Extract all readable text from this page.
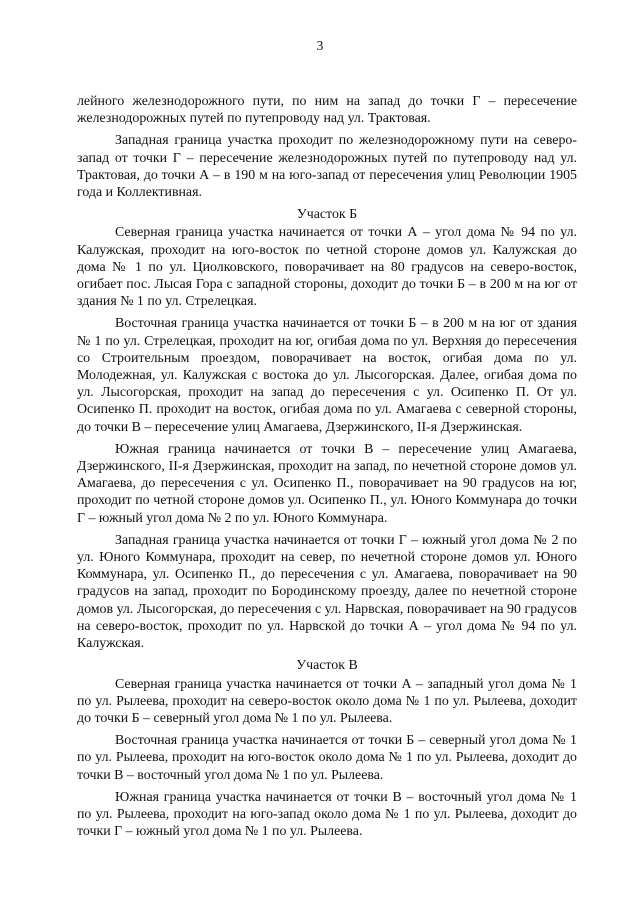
3

лейного железнодорожного пути, по ним на запад до точки Г – пересечение железнодорожных путей по путепроводу над ул. Трактовая.

Западная граница участка проходит по железнодорожному пути на северо-запад от точки Г – пересечение железнодорожных путей по путепроводу над ул. Трактовая, до точки А – в 190 м на юго-запад от пересечения улиц Революции 1905 года и Коллективная.

Участок Б

Северная граница участка начинается от точки А – угол дома № 94 по ул. Калужская, проходит на юго-восток по четной стороне домов ул. Калужская до дома № 1 по ул. Циолковского, поворачивает на 80 градусов на северо-восток, огибает пос. Лысая Гора с западной стороны, доходит до точки Б – в 200 м на юг от здания № 1 по ул. Стрелецкая.

Восточная граница участка начинается от точки Б – в 200 м на юг от здания № 1 по ул. Стрелецкая, проходит на юг, огибая дома по ул. Верхняя до пересечения со Строительным проездом, поворачивает на восток, огибая дома по ул. Молодежная, ул. Калужская с востока до ул. Лысогорская. Далее, огибая дома по ул. Лысогорская, проходит на запад до пересечения с ул. Осипенко П. От ул. Осипенко П. проходит на восток, огибая дома по ул. Амагаева с северной стороны, до точки В – пересечение улиц Амагаева, Дзержинского, II-я Дзержинская.

Южная граница начинается от точки В – пересечение улиц Амагаева, Дзержинского, II-я Дзержинская, проходит на запад, по нечетной стороне домов ул. Амагаева, до пересечения с ул. Осипенко П., поворачивает на 90 градусов на юг, проходит по четной стороне домов ул. Осипенко П., ул. Юного Коммунара до точки Г – южный угол дома № 2 по ул. Юного Коммунара.

Западная граница участка начинается от точки Г – южный угол дома № 2 по ул. Юного Коммунара, проходит на север, по нечетной стороне домов ул. Юного Коммунара, ул. Осипенко П., до пересечения с ул. Амагаева, поворачивает на 90 градусов на запад, проходит по Бородинскому проезду, далее по нечетной стороне домов ул. Лысогорская, до пересечения с ул. Нарвская, поворачивает на 90 градусов на северо-восток, проходит по ул. Нарвской до точки А – угол дома № 94 по ул. Калужская.

Участок В

Северная граница участка начинается от точки А – западный угол дома № 1 по ул. Рылеева, проходит на северо-восток около дома № 1 по ул. Рылеева, доходит до точки Б – северный угол дома № 1 по ул. Рылеева.

Восточная граница участка начинается от точки Б – северный угол дома № 1 по ул. Рылеева, проходит на юго-восток около дома № 1 по ул. Рылеева, доходит до точки В – восточный угол дома № 1 по ул. Рылеева.

Южная граница участка начинается от точки В – восточный угол дома № 1 по ул. Рылеева, проходит на юго-запад около дома № 1 по ул. Рылеева, доходит до точки Г – южный угол дома № 1 по ул. Рылеева.
